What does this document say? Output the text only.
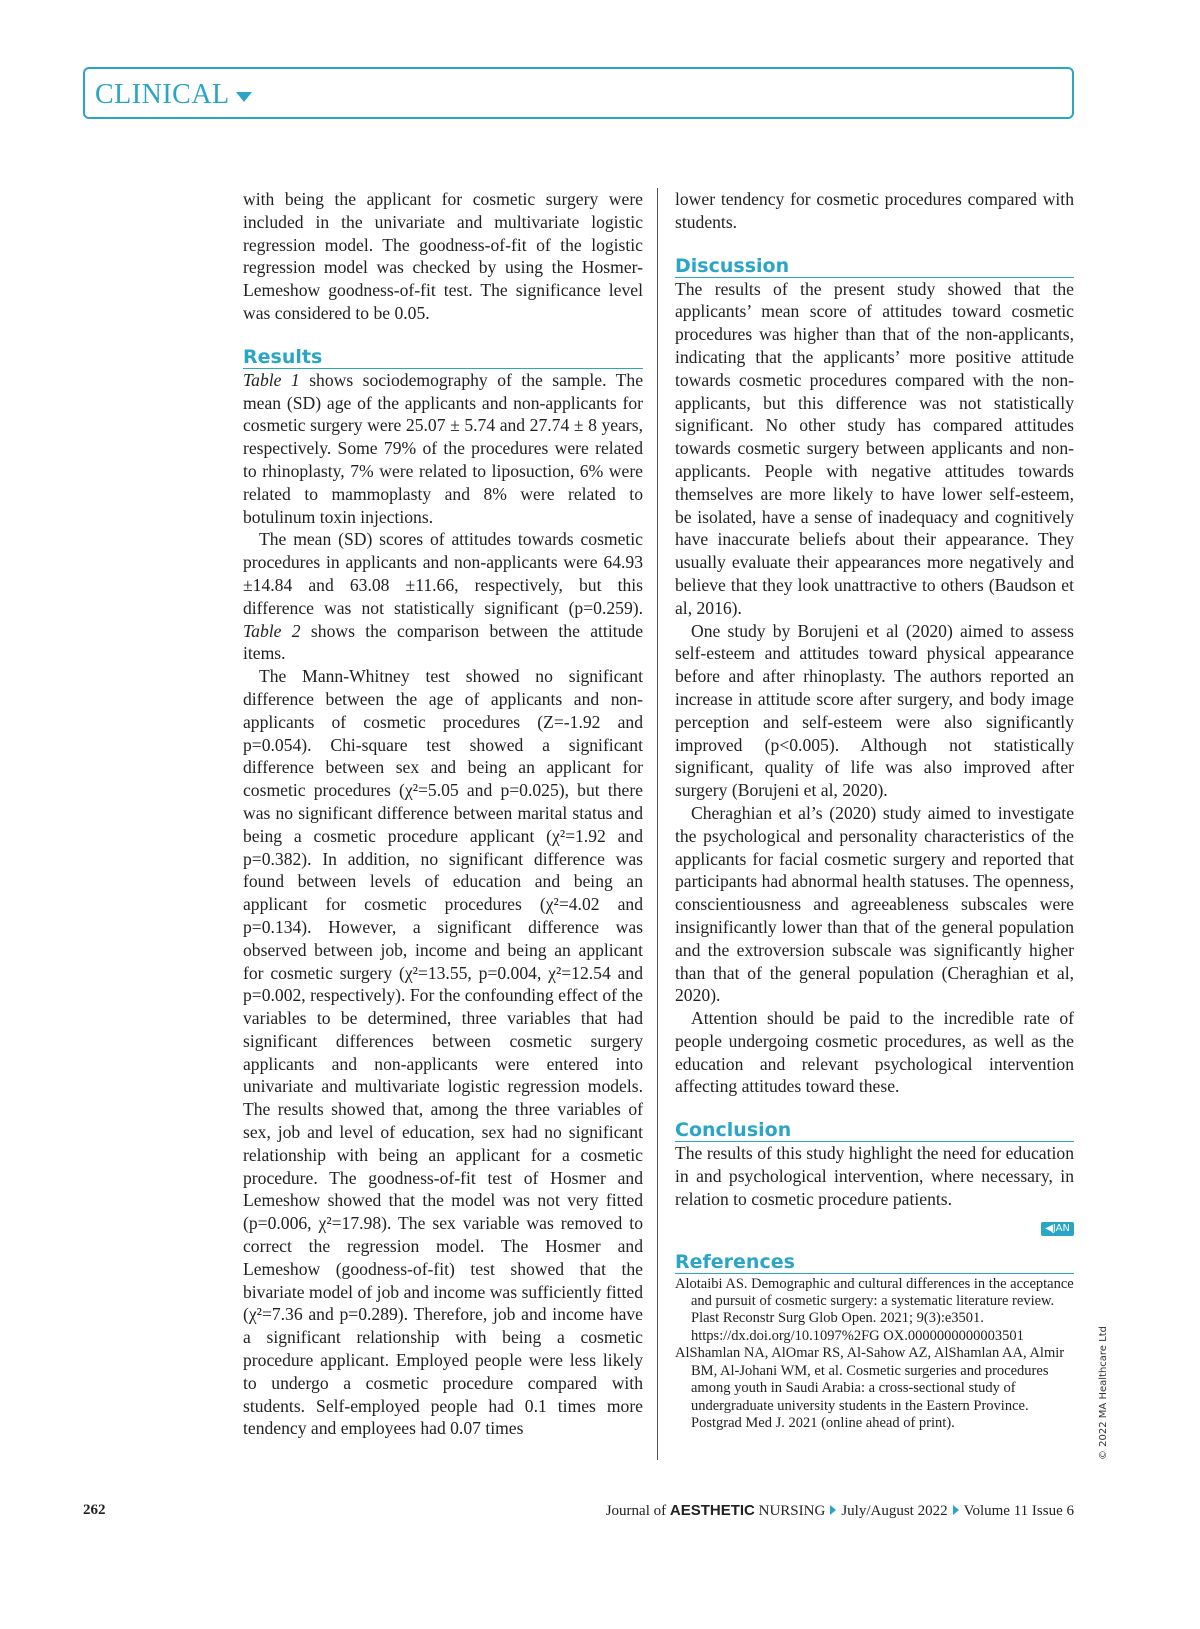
CLINICAL

with being the applicant for cosmetic surgery were included in the univariate and multivariate logistic regression model. The goodness-of-fit of the logistic regression model was checked by using the Hosmer-Lemeshow goodness-of-fit test. The significance level was considered to be 0.05.

Results

Table 1 shows sociodemography of the sample. The mean (SD) age of the applicants and non-applicants for cosmetic surgery were 25.07 ± 5.74 and 27.74 ± 8 years, respectively. Some 79% of the procedures were related to rhinoplasty, 7% were related to liposuction, 6% were related to mammoplasty and 8% were related to botulinum toxin injections.

The mean (SD) scores of attitudes towards cosmetic procedures in applicants and non-applicants were 64.93 ±14.84 and 63.08 ±11.66, respectively, but this difference was not statistically significant (p=0.259). Table 2 shows the comparison between the attitude items.

The Mann-Whitney test showed no significant difference between the age of applicants and non-applicants of cosmetic procedures (Z=-1.92 and p=0.054). Chi-square test showed a significant difference between sex and being an applicant for cosmetic procedures (χ²=5.05 and p=0.025), but there was no significant difference between marital status and being a cosmetic procedure applicant (χ²=1.92 and p=0.382). In addition, no significant difference was found between levels of education and being an applicant for cosmetic procedures (χ²=4.02 and p=0.134). However, a significant difference was observed between job, income and being an applicant for cosmetic surgery (χ²=13.55, p=0.004, χ²=12.54 and p=0.002, respectively). For the confounding effect of the variables to be determined, three variables that had significant differences between cosmetic surgery applicants and non-applicants were entered into univariate and multivariate logistic regression models. The results showed that, among the three variables of sex, job and level of education, sex had no significant relationship with being an applicant for a cosmetic procedure. The goodness-of-fit test of Hosmer and Lemeshow showed that the model was not very fitted (p=0.006, χ²=17.98). The sex variable was removed to correct the regression model. The Hosmer and Lemeshow (goodness-of-fit) test showed that the bivariate model of job and income was sufficiently fitted (χ²=7.36 and p=0.289). Therefore, job and income have a significant relationship with being a cosmetic procedure applicant. Employed people were less likely to undergo a cosmetic procedure compared with students. Self-employed people had 0.1 times more tendency and employees had 0.07 times

lower tendency for cosmetic procedures compared with students.

Discussion

The results of the present study showed that the applicants’ mean score of attitudes toward cosmetic procedures was higher than that of the non-applicants, indicating that the applicants’ more positive attitude towards cosmetic procedures compared with the non-applicants, but this difference was not statistically significant. No other study has compared attitudes towards cosmetic surgery between applicants and non-applicants. People with negative attitudes towards themselves are more likely to have lower self-esteem, be isolated, have a sense of inadequacy and cognitively have inaccurate beliefs about their appearance. They usually evaluate their appearances more negatively and believe that they look unattractive to others (Baudson et al, 2016).

One study by Borujeni et al (2020) aimed to assess self-esteem and attitudes toward physical appearance before and after rhinoplasty. The authors reported an increase in attitude score after surgery, and body image perception and self-esteem were also significantly improved (p<0.005). Although not statistically significant, quality of life was also improved after surgery (Borujeni et al, 2020).

Cheraghian et al’s (2020) study aimed to investigate the psychological and personality characteristics of the applicants for facial cosmetic surgery and reported that participants had abnormal health statuses. The openness, conscientiousness and agreeableness subscales were insignificantly lower than that of the general population and the extroversion subscale was significantly higher than that of the general population (Cheraghian et al, 2020).

Attention should be paid to the incredible rate of people undergoing cosmetic procedures, as well as the education and relevant psychological intervention affecting attitudes toward these.

Conclusion

The results of this study highlight the need for education in and psychological intervention, where necessary, in relation to cosmetic procedure patients.

◀JAN
References

Alotaibi AS. Demographic and cultural differences in the acceptance and pursuit of cosmetic surgery: a systematic literature review. Plast Reconstr Surg Glob Open. 2021; 9(3):e3501. https://dx.doi.org/10.1097%2FG OX.0000000000003501

AlShamlan NA, AlOmar RS, Al-Sahow AZ, AlShamlan AA, Almir BM, Al-Johani WM, et al. Cosmetic surgeries and procedures among youth in Saudi Arabia: a cross-sectional study of undergraduate university students in the Eastern Province. Postgrad Med J. 2021 (online ahead of print).	© 2022 MA Healthcare Ltd
262	Journal of AESTHETIC NURSING July/August 2022 Volume 11 Issue 6
